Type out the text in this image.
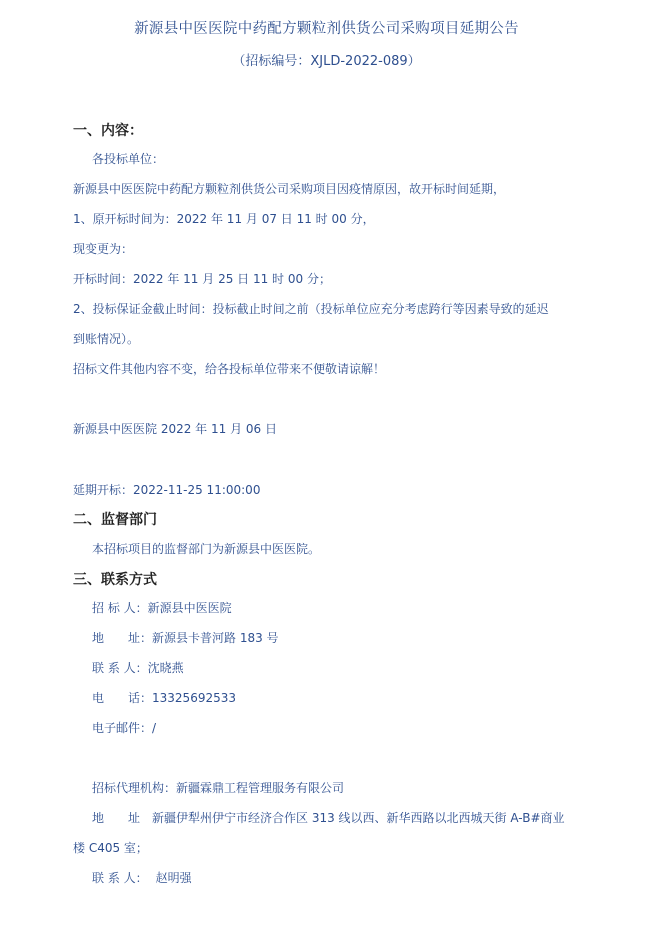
新源县中医医院中药配方颗粒剂供货公司采购项目延期公告
（招标编号：XJLD-2022-089）
一、内容：
各投标单位：
新源县中医医院中药配方颗粒剂供货公司采购项目因疫情原因，故开标时间延期，
1、原开标时间为：2022 年 11 月 07 日 11 时 00 分，
现变更为：
开标时间：2022 年 11 月 25 日 11 时 00 分；
2、投标保证金截止时间：投标截止时间之前（投标单位应充分考虑跨行等因素导致的延迟
到账情况）。
招标文件其他内容不变，给各投标单位带来不便敬请谅解！
新源县中医医院 2022 年 11 月 06 日
延期开标：2022-11-25 11:00:00
二、监督部门
本招标项目的监督部门为新源县中医医院。
三、联系方式
招 标 人：新源县中医医院
地　　址：新源县卡普河路 183 号
联 系 人：沈晓燕
电　　话：13325692533
电子邮件：/
招标代理机构：新疆霖鼎工程管理服务有限公司
地　　址 新疆伊犁州伊宁市经济合作区 313 线以西、新华西路以北西城天街 A-B#商业
楼 C405 室；
联 系 人： 赵明强
